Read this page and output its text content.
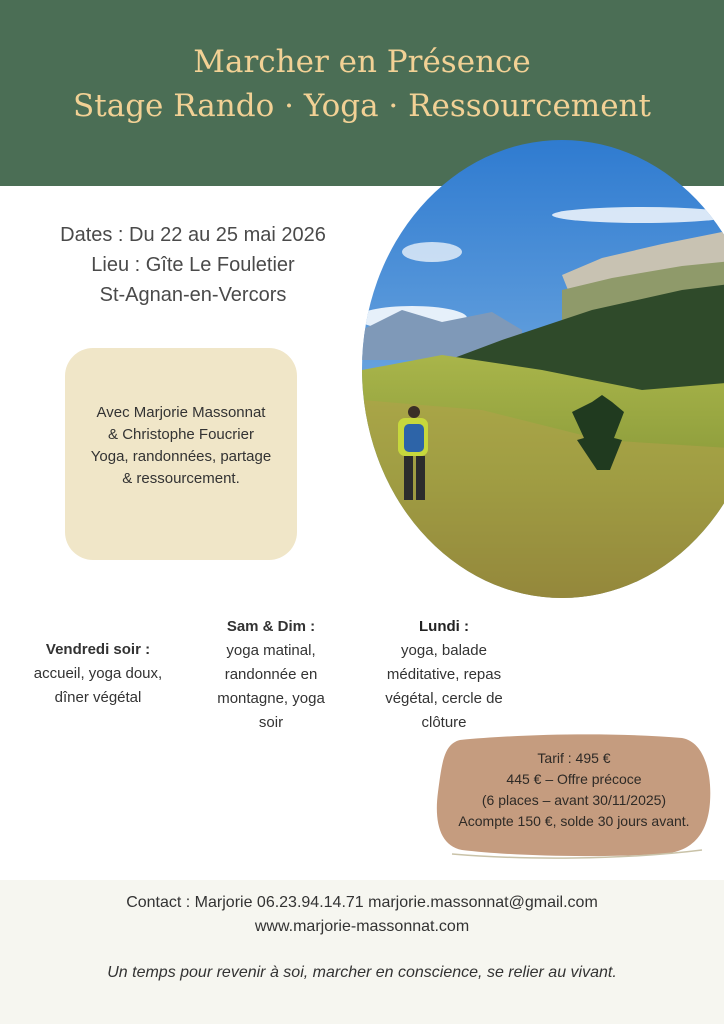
Marcher en Présence
Stage Rando · Yoga · Ressourcement
Dates : Du 22 au 25 mai 2026
Lieu : Gîte Le Fouletier
St-Agnan-en-Vercors
Avec Marjorie Massonnat
& Christophe Foucrier
Yoga, randonnées, partage
& ressourcement.
Vendredi soir :
accueil, yoga doux,
dîner végétal
Sam & Dim :
yoga matinal,
randonnée en
montagne, yoga
soir
Lundi :
yoga, balade
méditative, repas
végétal, cercle de
clôture
Tarif : 495 €
445 € – Offre précoce
(6 places – avant 30/11/2025)
Acompte 150 €, solde 30 jours avant.
Contact : Marjorie 06.23.94.14.71 marjorie.massonnat@gmail.com
www.marjorie-massonnat.com
Un temps pour revenir à soi, marcher en conscience, se relier au vivant.
